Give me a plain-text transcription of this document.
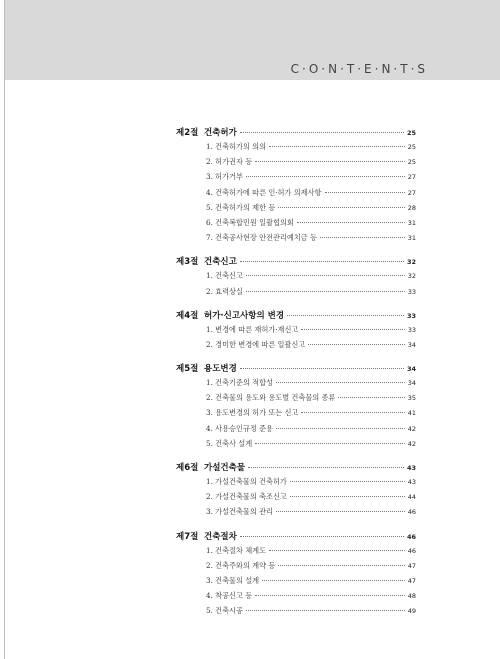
C·O·N·T·E·N·T·S
제2절 건축허가	25
1. 건축허가의 의의	25
2. 허가권자 등	25
3. 허가거부	27
4. 건축허가에 따른 인·허가 의제사항	27
5. 건축허가의 제한 등	28
6. 건축복합민원 일괄협의회	31
7. 건축공사현장 안전관리예치금 등	31
제3절 건축신고	32
1. 건축신고	32
2. 효력상실	33
제4절 허가·신고사항의 변경	33
1. 변경에 따른 재허가·재신고	33
2. 경미한 변경에 따른 일괄신고	34
제5절 용도변경	34
1. 건축기준의 적합성	34
2. 건축물의 용도와 용도별 건축물의 종류	35
3. 용도변경의 허가 또는 신고	41
4. 사용승인규정 준용	42
5. 건축사 설계	42
제6절 가설건축물	43
1. 가설건축물의 건축허가	43
2. 가설건축물의 축조신고	44
3. 가설건축물의 관리	46
제7절 건축절차	46
1. 건축절차 체계도	46
2. 건축주와의 계약 등	47
3. 건축물의 설계	47
4. 착공신고 등	48
5. 건축시공	49
